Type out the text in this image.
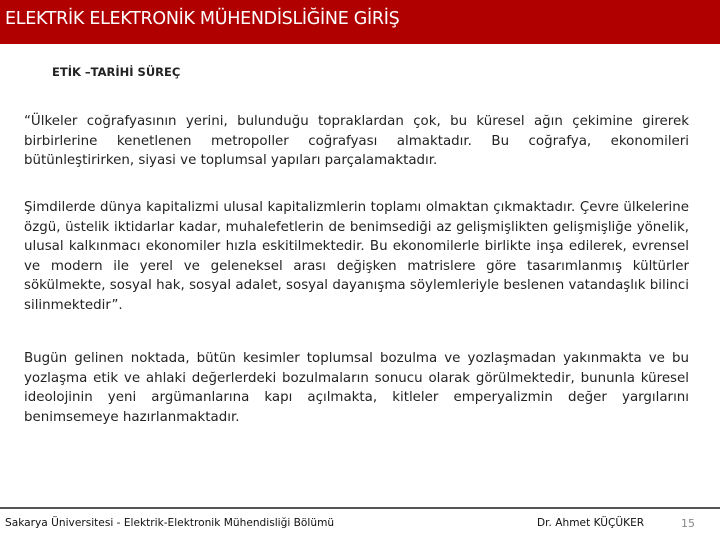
ELEKTRİK ELEKTRONİK MÜHENDİSLİĞİNE GİRİŞ
ETİK –TARİHİ SÜREÇ

“Ülkeler coğrafyasının yerini, bulunduğu topraklardan çok, bu küresel ağın çekimine girerek birbirlerine kenetlenen metropoller coğrafyası almaktadır. Bu coğrafya, ekonomileri bütünleştirirken, siyasi ve toplumsal yapıları parçalamaktadır.

Şimdilerde dünya kapitalizmi ulusal kapitalizmlerin toplamı olmaktan çıkmaktadır. Çevre ülkelerine özgü, üstelik iktidarlar kadar, muhalefetlerin de benimsediği az gelişmişlikten gelişmişliğe yönelik, ulusal kalkınmacı ekonomiler hızla eskitilmektedir. Bu ekonomilerle birlikte inşa edilerek, evrensel ve modern ile yerel ve geleneksel arası değişken matrislere göre tasarımlanmış kültürler sökülmekte, sosyal hak, sosyal adalet, sosyal dayanışma söylemleriyle beslenen vatandaşlık bilinci silinmektedir”.

Bugün gelinen noktada, bütün kesimler toplumsal bozulma ve yozlaşmadan yakınmakta ve bu yozlaşma etik ve ahlaki değerlerdeki bozulmaların sonucu olarak görülmektedir, bununla küresel ideolojinin yeni argümanlarına kapı açılmakta, kitleler emperyalizmin değer yargılarını benimsemeye hazırlanmaktadır.

Sakarya Üniversitesi - Elektrik-Elektronik Mühendisliği Bölümü	Dr. Ahmet KÜÇÜKER	15
